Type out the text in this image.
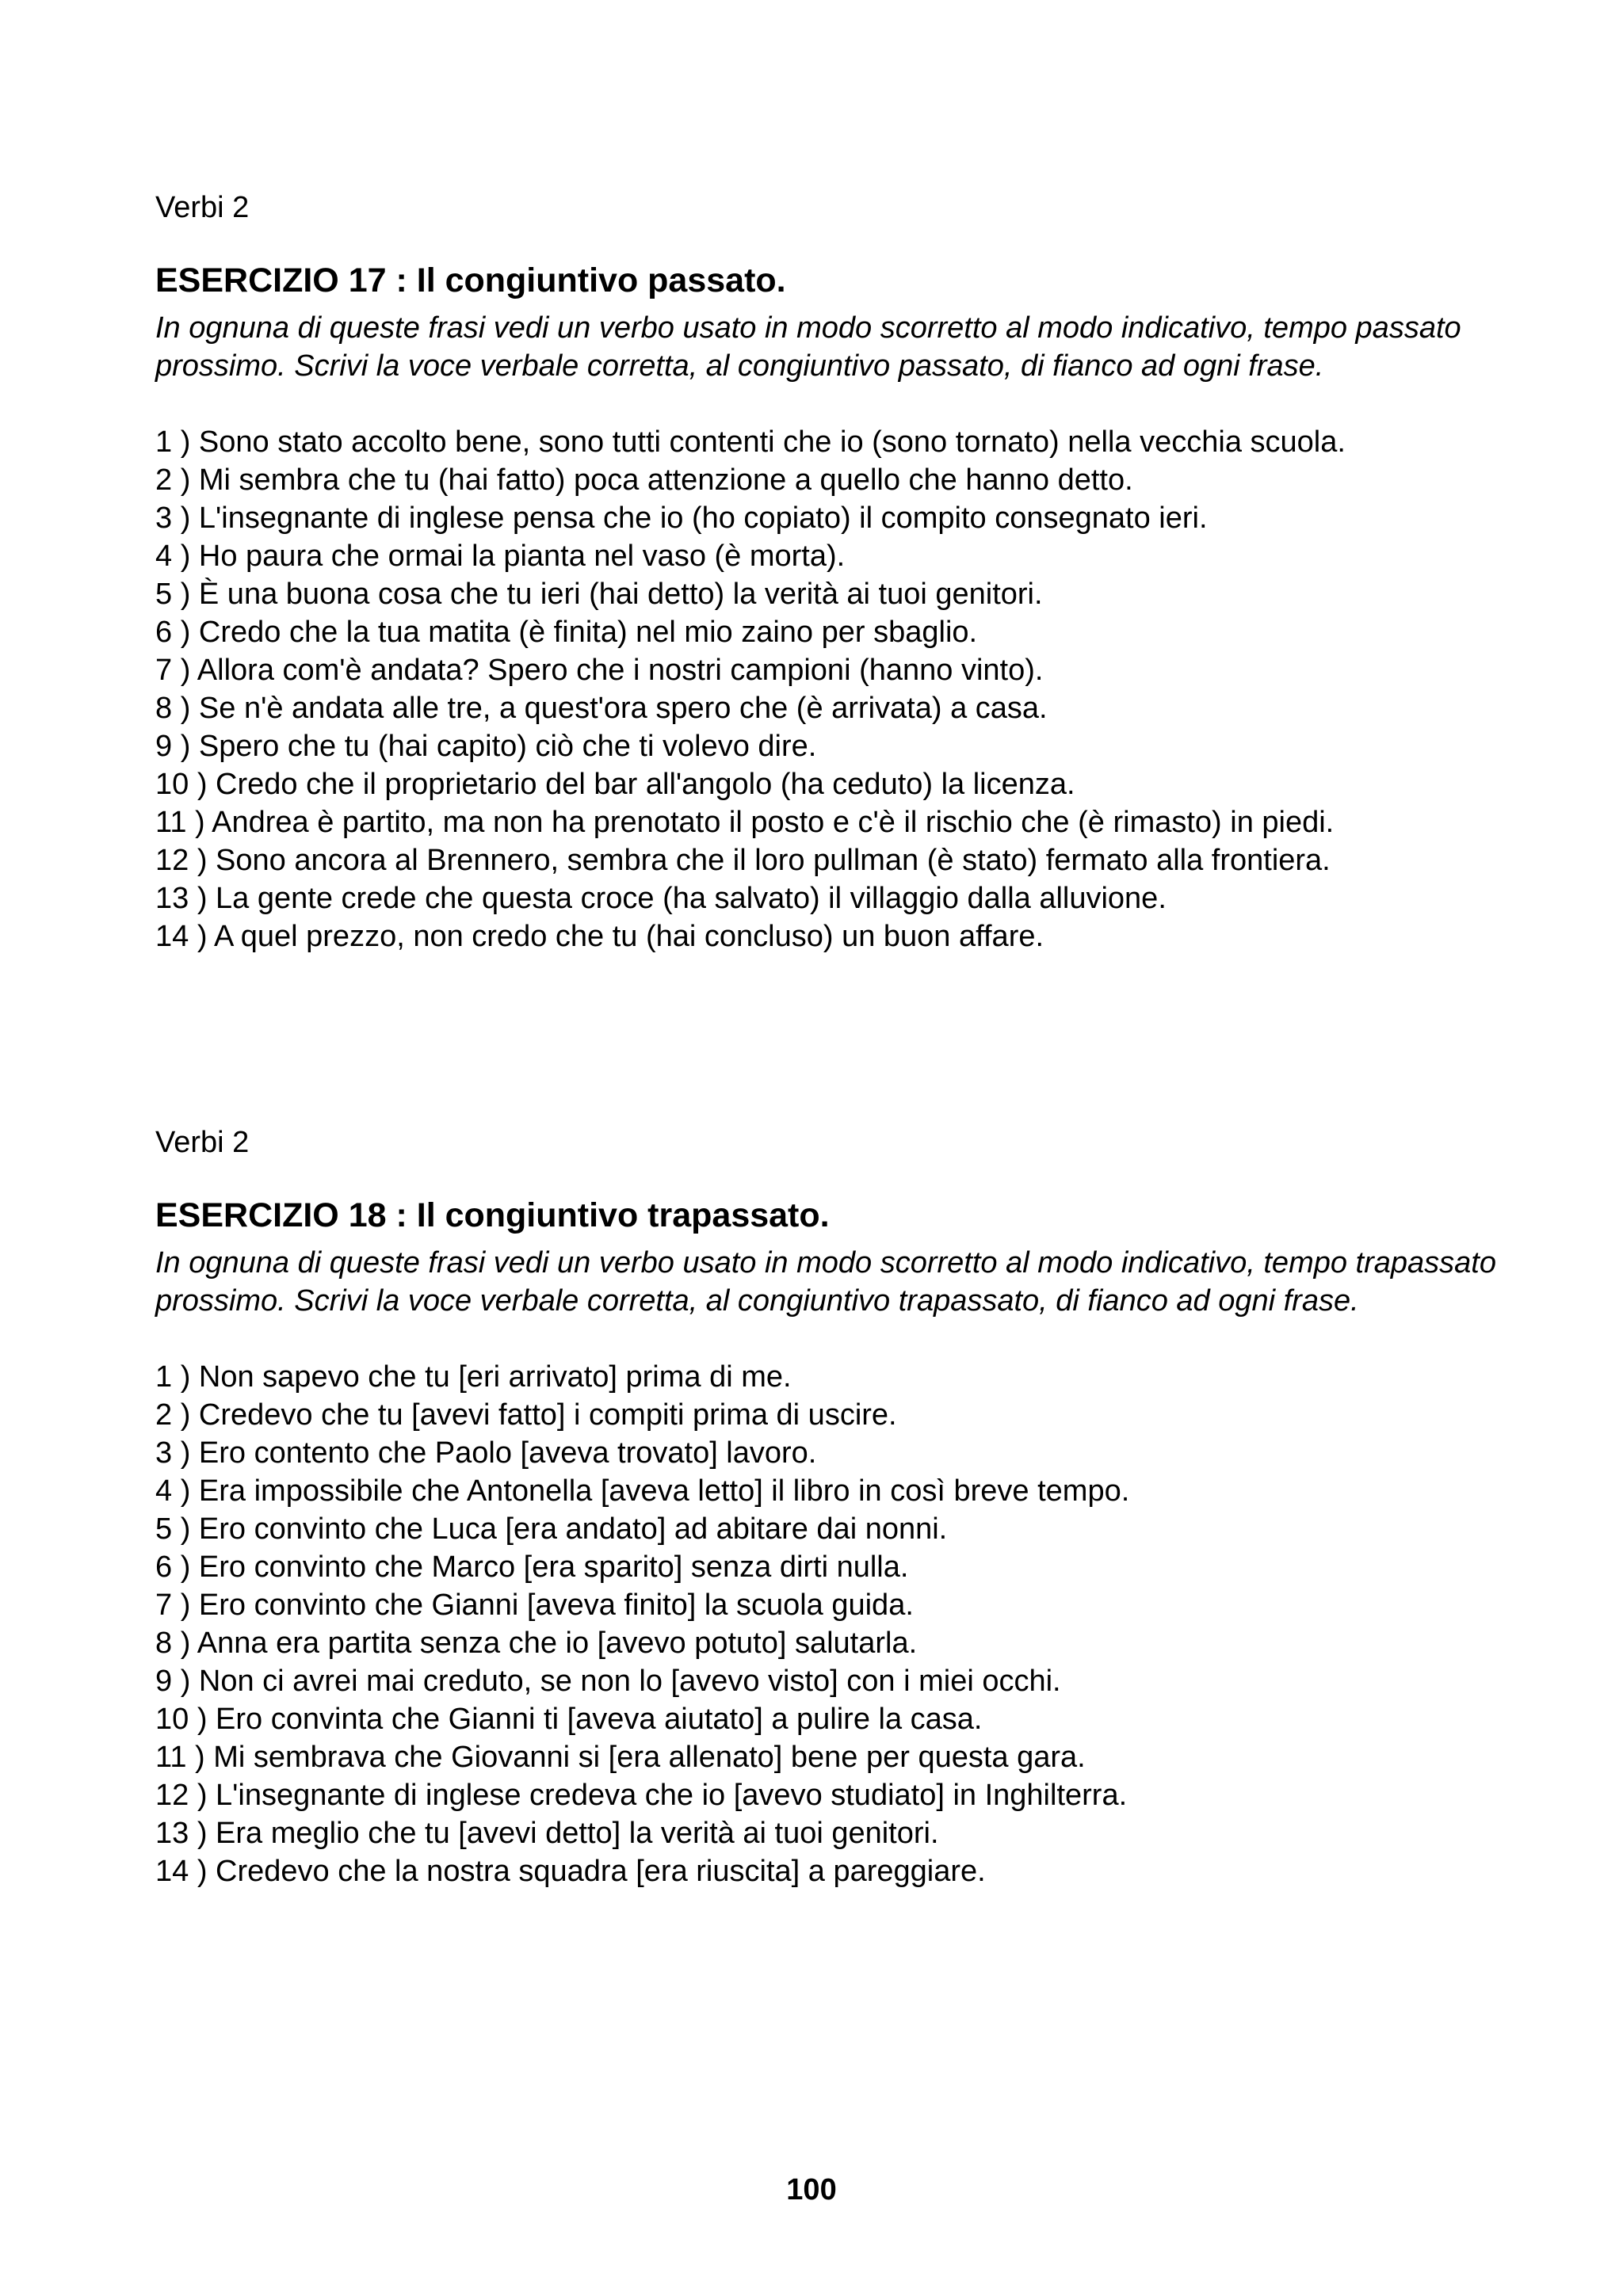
Verbi 2

ESERCIZIO 17 : Il congiuntivo passato.

In ognuna di queste frasi vedi un verbo usato in modo scorretto al modo indicativo, tempo passato prossimo. Scrivi la voce verbale corretta, al congiuntivo passato, di fianco ad ogni frase.

1 ) Sono stato accolto bene, sono tutti contenti che io (sono tornato) nella vecchia scuola.
2 ) Mi sembra che tu (hai fatto) poca attenzione a quello che hanno detto.
3 ) L'insegnante di inglese pensa che io (ho copiato) il compito consegnato ieri.
4 ) Ho paura che ormai la pianta nel vaso (è morta).
5 ) È una buona cosa che tu ieri (hai detto) la verità ai tuoi genitori.
6 ) Credo che la tua matita (è finita) nel mio zaino per sbaglio.
7 ) Allora com'è andata? Spero che i nostri campioni (hanno vinto).
8 ) Se n'è andata alle tre, a quest'ora spero che (è arrivata) a casa.
9 ) Spero che tu (hai capito) ciò che ti volevo dire.
10 ) Credo che il proprietario del bar all'angolo (ha ceduto) la licenza.
11 ) Andrea è partito, ma non ha prenotato il posto e c'è il rischio che (è rimasto) in piedi.
12 ) Sono ancora al Brennero, sembra che il loro pullman (è stato) fermato alla frontiera.
13 ) La gente crede che questa croce (ha salvato) il villaggio dalla alluvione.
14 ) A quel prezzo, non credo che tu (hai concluso) un buon affare.

Verbi 2

ESERCIZIO 18 : Il congiuntivo trapassato.

In ognuna di queste frasi vedi un verbo usato in modo scorretto al modo indicativo, tempo trapassato prossimo. Scrivi la voce verbale corretta, al congiuntivo trapassato, di fianco ad ogni frase.

1 ) Non sapevo che tu [eri arrivato] prima di me.
2 ) Credevo che tu [avevi fatto] i compiti prima di uscire.
3 ) Ero contento che Paolo [aveva trovato] lavoro.
4 ) Era impossibile che Antonella [aveva letto] il libro in così breve tempo.
5 ) Ero convinto che Luca [era andato] ad abitare dai nonni.
6 ) Ero convinto che Marco [era sparito] senza dirti nulla.
7 ) Ero convinto che Gianni [aveva finito] la scuola guida.
8 ) Anna era partita senza che io [avevo potuto] salutarla.
9 ) Non ci avrei mai creduto, se non lo [avevo visto] con i miei occhi.
10 ) Ero convinta che Gianni ti [aveva aiutato] a pulire la casa.
11 ) Mi sembrava che Giovanni si [era allenato] bene per questa gara.
12 ) L'insegnante di inglese credeva che io [avevo studiato] in Inghilterra.
13 ) Era meglio che tu [avevi detto] la verità ai tuoi genitori.
14 ) Credevo che la nostra squadra [era riuscita] a pareggiare.
100
